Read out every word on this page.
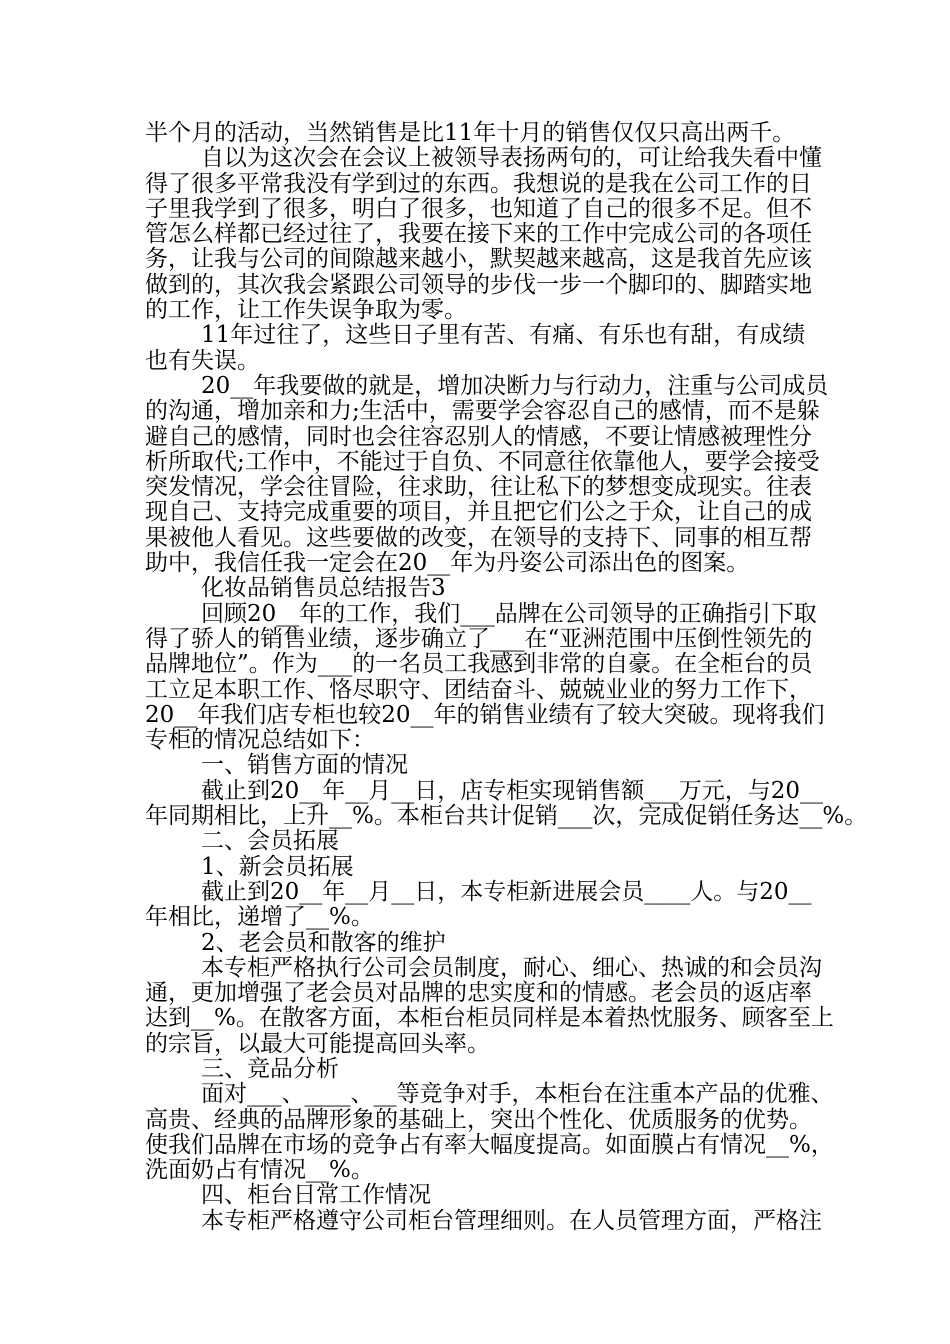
半个月的活动，当然销售是比11年十月的销售仅仅只高出两千。
自以为这次会在会议上被领导表扬两句的，可让给我失看中懂
得了很多平常我没有学到过的东西。我想说的是我在公司工作的日
子里我学到了很多，明白了很多，也知道了自己的很多不足。但不
管怎么样都已经过往了，我要在接下来的工作中完成公司的各项任
务，让我与公司的间隙越来越小，默契越来越高，这是我首先应该
做到的，其次我会紧跟公司领导的步伐一步一个脚印的、脚踏实地
的工作，让工作失误争取为零。
11年过往了，这些日子里有苦、有痛、有乐也有甜，有成绩
也有失误。
20__年我要做的就是，增加决断力与行动力，注重与公司成员
的沟通，增加亲和力;生活中，需要学会容忍自己的感情，而不是躲
避自己的感情，同时也会往容忍别人的情感，不要让情感被理性分
析所取代;工作中，不能过于自负、不同意往依靠他人，要学会接受
突发情况，学会往冒险，往求助，往让私下的梦想变成现实。往表
现自己、支持完成重要的项目，并且把它们公之于众，让自己的成
果被他人看见。这些要做的改变，在领导的支持下、同事的相互帮
助中，我信任我一定会在20__年为丹姿公司添出色的图案。
化妆品销售员总结报告3
回顾20__年的工作，我们___品牌在公司领导的正确指引下取
得了骄人的销售业绩，逐步确立了___在“亚洲范围中压倒性领先的
品牌地位”。作为___的一名员工我感到非常的自豪。在全柜台的员
工立足本职工作、恪尽职守、团结奋斗、兢兢业业的努力工作下，
20__年我们店专柜也较20__年的销售业绩有了较大突破。现将我们
专柜的情况总结如下：
一、销售方面的情况
截止到20__年__月__日，店专柜实现销售额___万元，与20__
年同期相比，上升__%。本柜台共计促销___次，完成促销任务达__%。
二、会员拓展
1、新会员拓展
截止到20__年__月__日，本专柜新进展会员____人。与20__
年相比，递增了__%。
2、老会员和散客的维护
本专柜严格执行公司会员制度，耐心、细心、热诚的和会员沟
通，更加增强了老会员对品牌的忠实度和的情感。老会员的返店率
达到__%。在散客方面，本柜台柜员同样是本着热忱服务、顾客至上
的宗旨，以最大可能提高回头率。
三、竞品分析
面对___、____、__等竞争对手，本柜台在注重本产品的优雅、
高贵、经典的品牌形象的基础上，突出个性化、优质服务的优势。
使我们品牌在市场的竞争占有率大幅度提高。如面膜占有情况__%，
洗面奶占有情况__%。
四、柜台日常工作情况
本专柜严格遵守公司柜台管理细则。在人员管理方面，严格注
